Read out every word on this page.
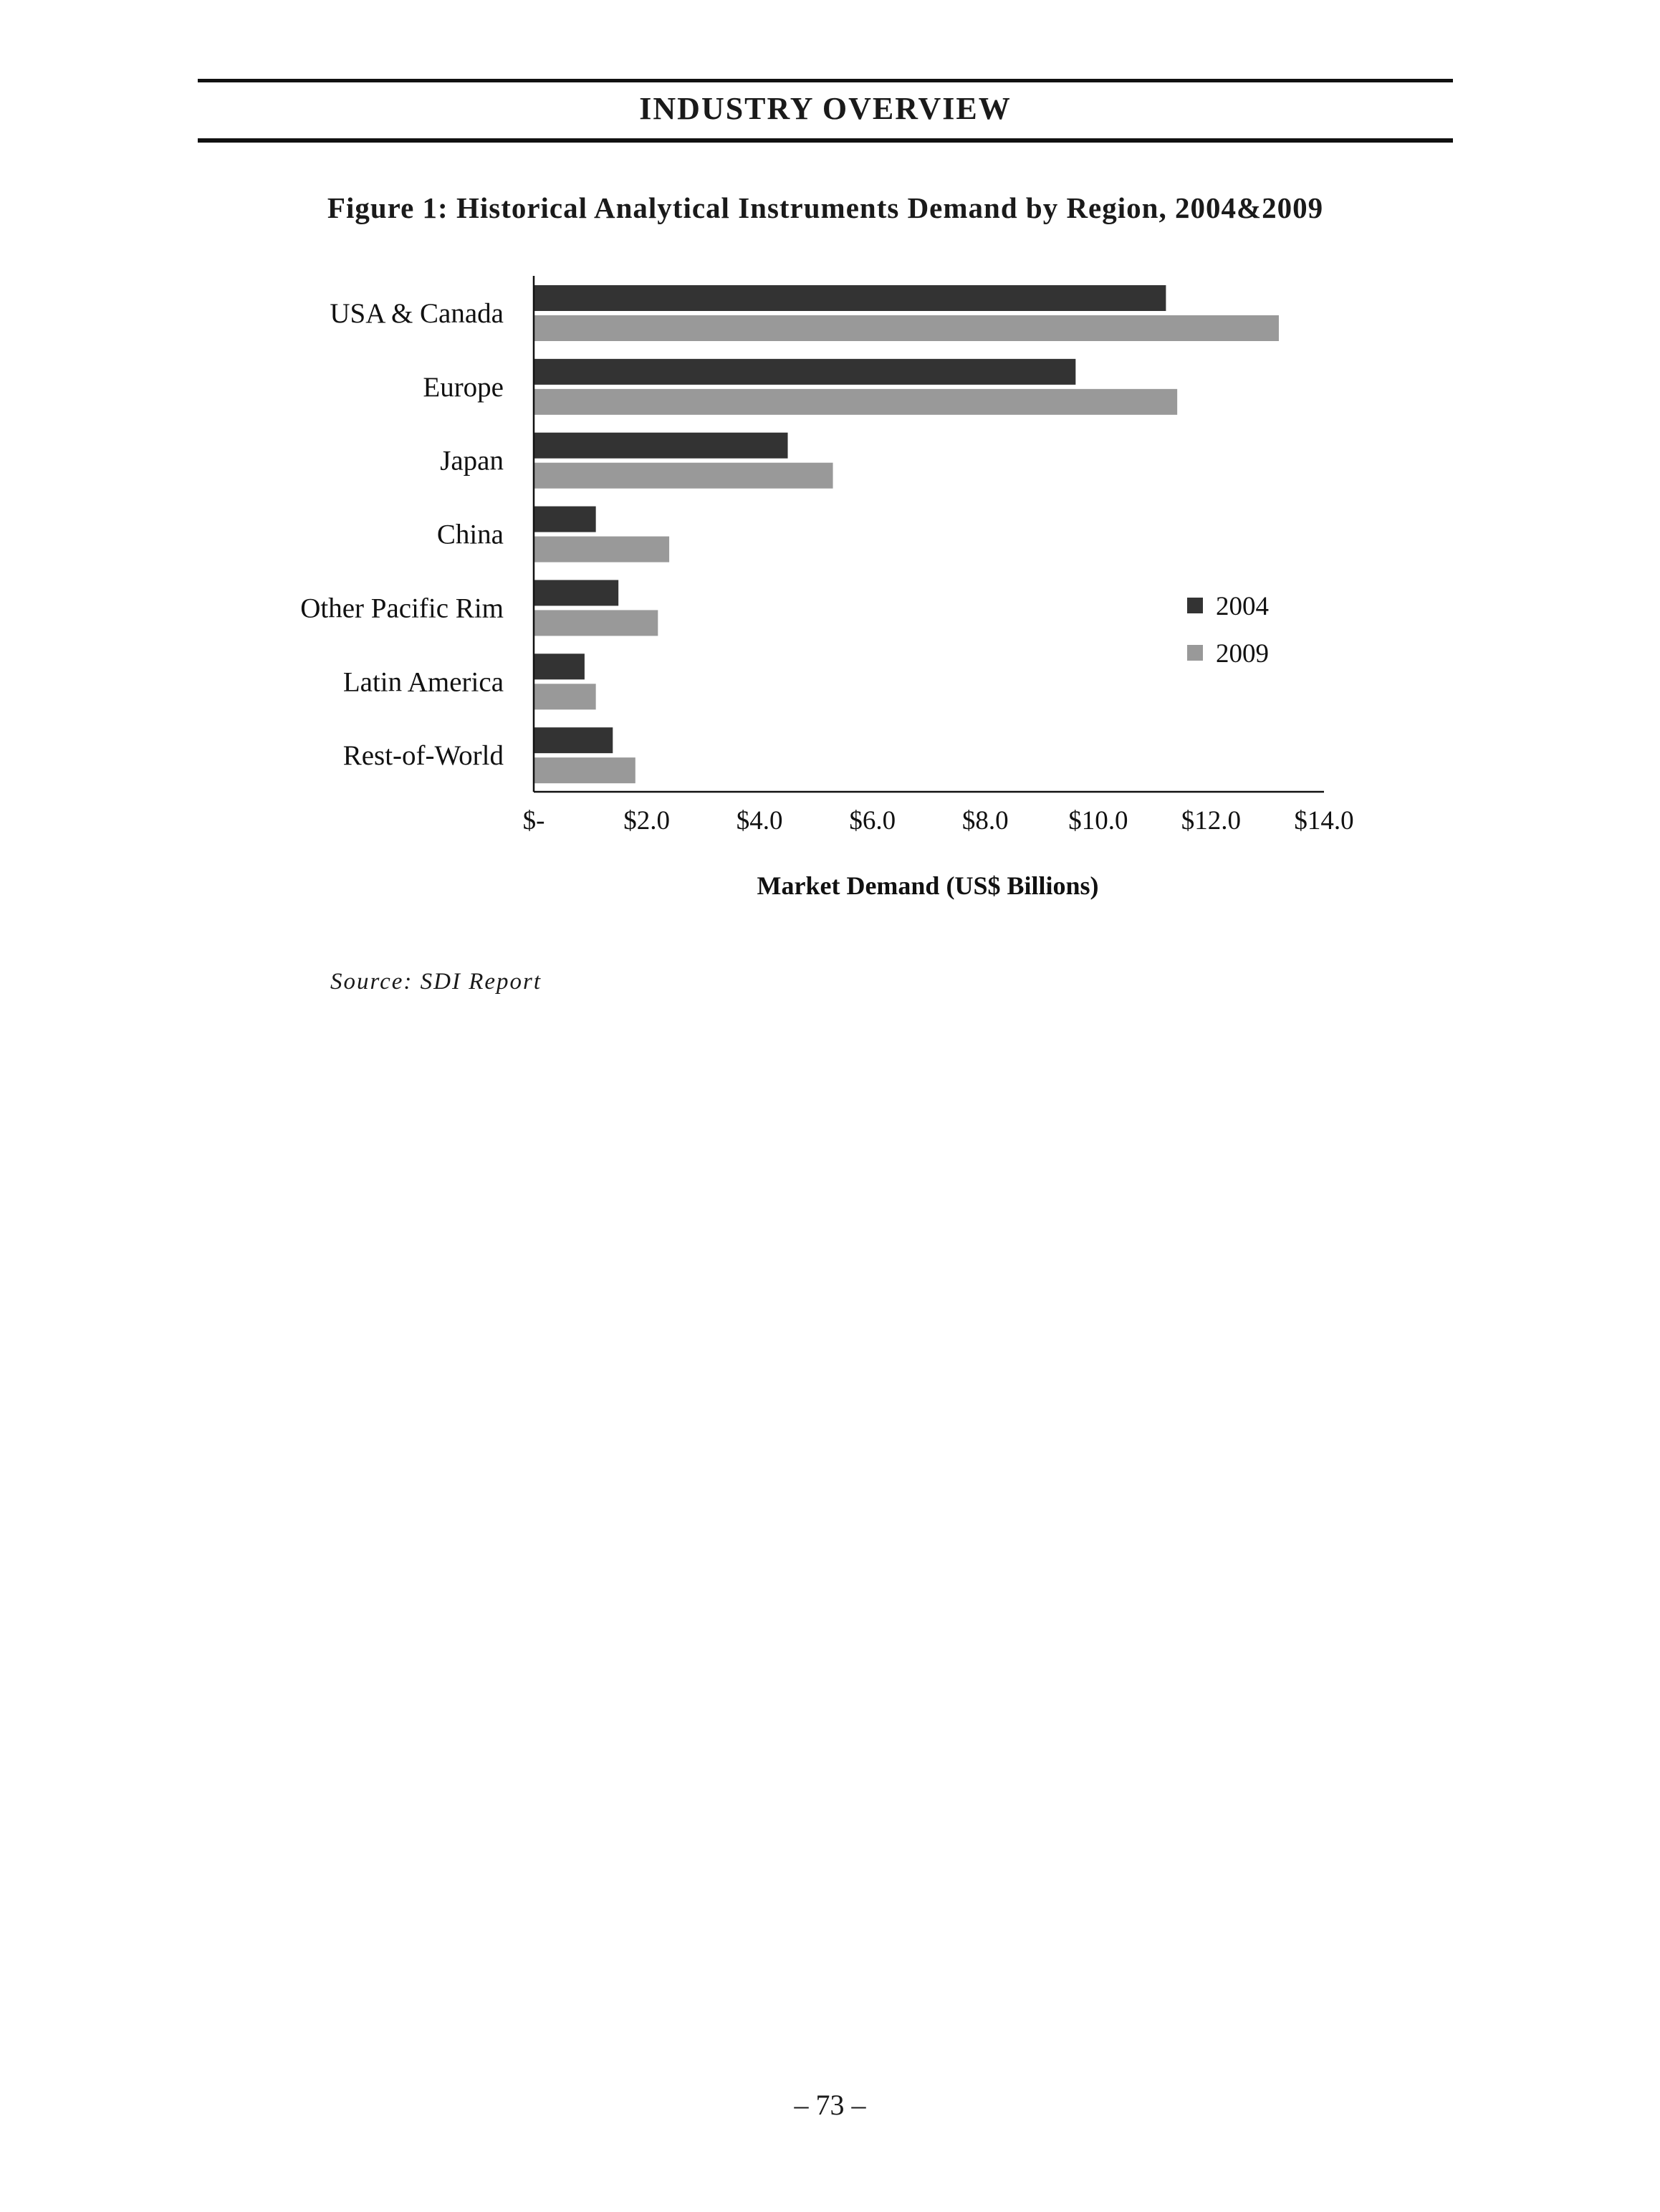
INDUSTRY OVERVIEW
Figure 1: Historical Analytical Instruments Demand by Region, 2004&2009
USA & Canada
Europe
Japan
China
Other Pacific Rim
Latin America
Rest-of-World
$-	$2.0	$4.0	$6.0	$8.0 $10.0 $12.0 $14.0
Market Demand (US$ Billions)
2004
2009
Source: SDI Report
– 73 –
